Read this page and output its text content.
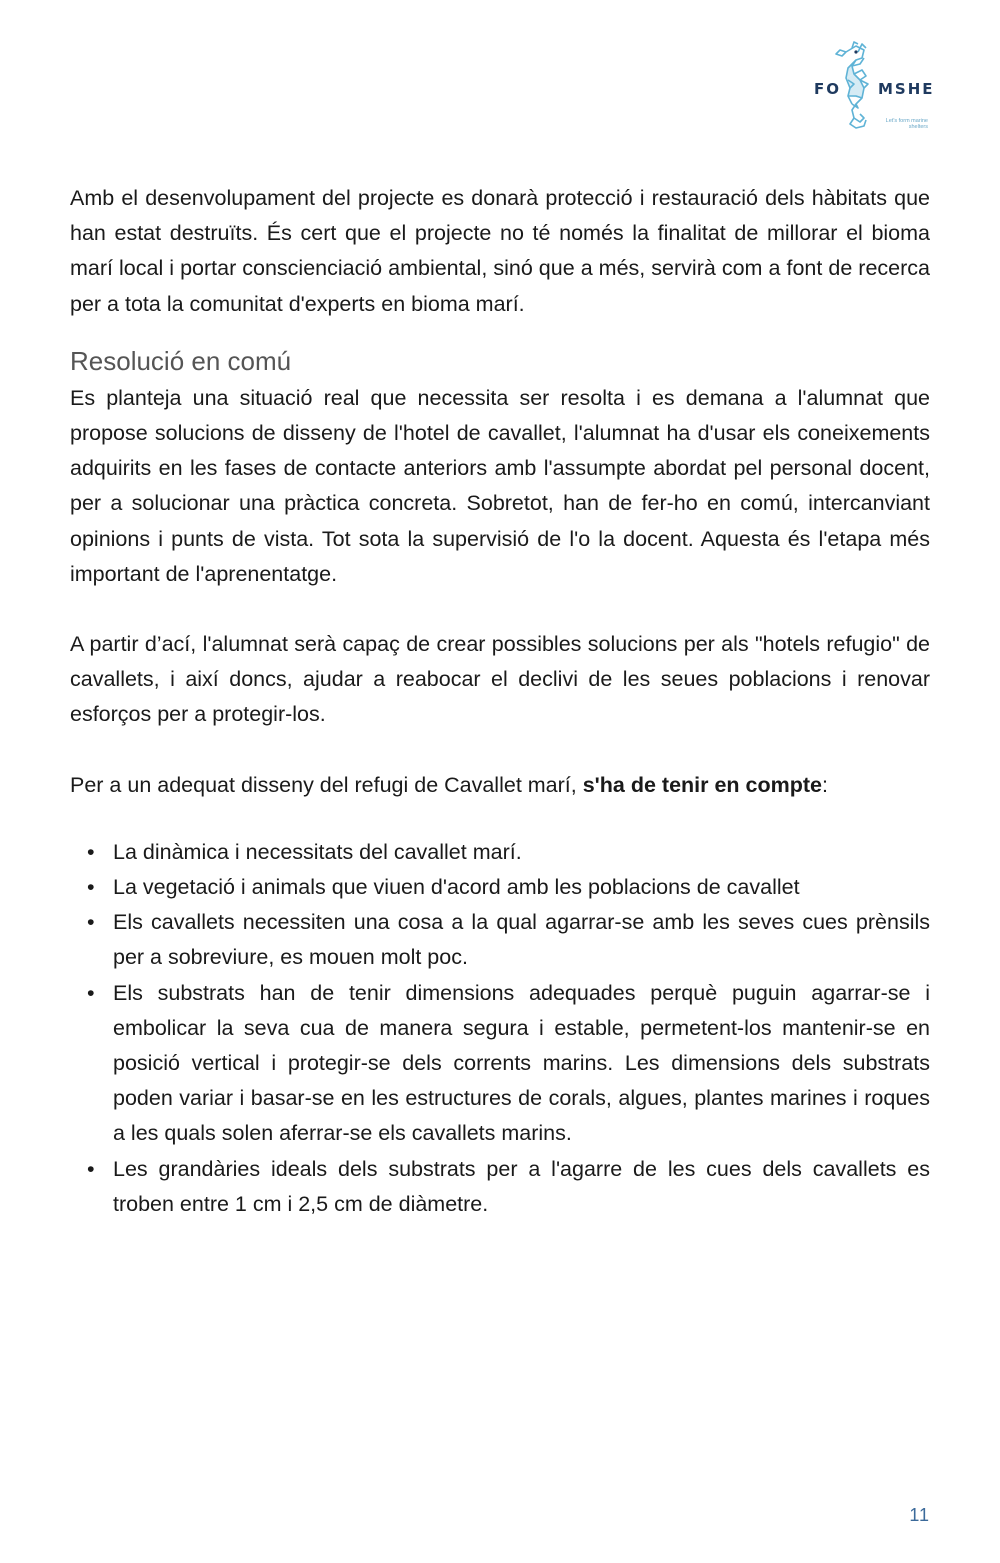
FO MSHE
Let's form marine shelters

Amb el desenvolupament del projecte es donarà protecció i restauració dels hàbitats que han estat destruïts. És cert que el projecte no té només la finalitat de millorar el bioma marí local i portar conscienciació ambiental, sinó que a més, servirà com a font de recerca per a tota la comunitat d'experts en bioma marí.

Resolució en comú

Es planteja una situació real que necessita ser resolta i es demana a l'alumnat que propose solucions de disseny de l'hotel de cavallet, l'alumnat ha d'usar els coneixements adquirits en les fases de contacte anteriors amb l'assumpte abordat pel personal docent, per a solucionar una pràctica concreta. Sobretot, han de fer-ho en comú, intercanviant opinions i punts de vista. Tot sota la supervisió de l'o la docent. Aquesta és l'etapa més important de l'aprenentatge.

A partir d’ací, l'alumnat serà capaç de crear possibles solucions per als "hotels refugio" de cavallets, i així doncs, ajudar a reabocar el declivi de les seues poblacions i renovar esforços per a protegir-los.

Per a un adequat disseny del refugi de Cavallet marí, s'ha de tenir en compte:

• La dinàmica i necessitats del cavallet marí.
• La vegetació i animals que viuen d'acord amb les poblacions de cavallet
• Els cavallets necessiten una cosa a la qual agarrar-se amb les seves cues prènsils per a sobreviure, es mouen molt poc.
• Els substrats han de tenir dimensions adequades perquè puguin agarrar-se i embolicar la seva cua de manera segura i estable, permetent-los mantenir-se en posició vertical i protegir-se dels corrents marins. Les dimensions dels substrats poden variar i basar-se en les estructures de corals, algues, plantes marines i roques a les quals solen aferrar-se els cavallets marins.
• Les grandàries ideals dels substrats per a l'agarre de les cues dels cavallets es troben entre 1 cm i 2,5 cm de diàmetre.
11
